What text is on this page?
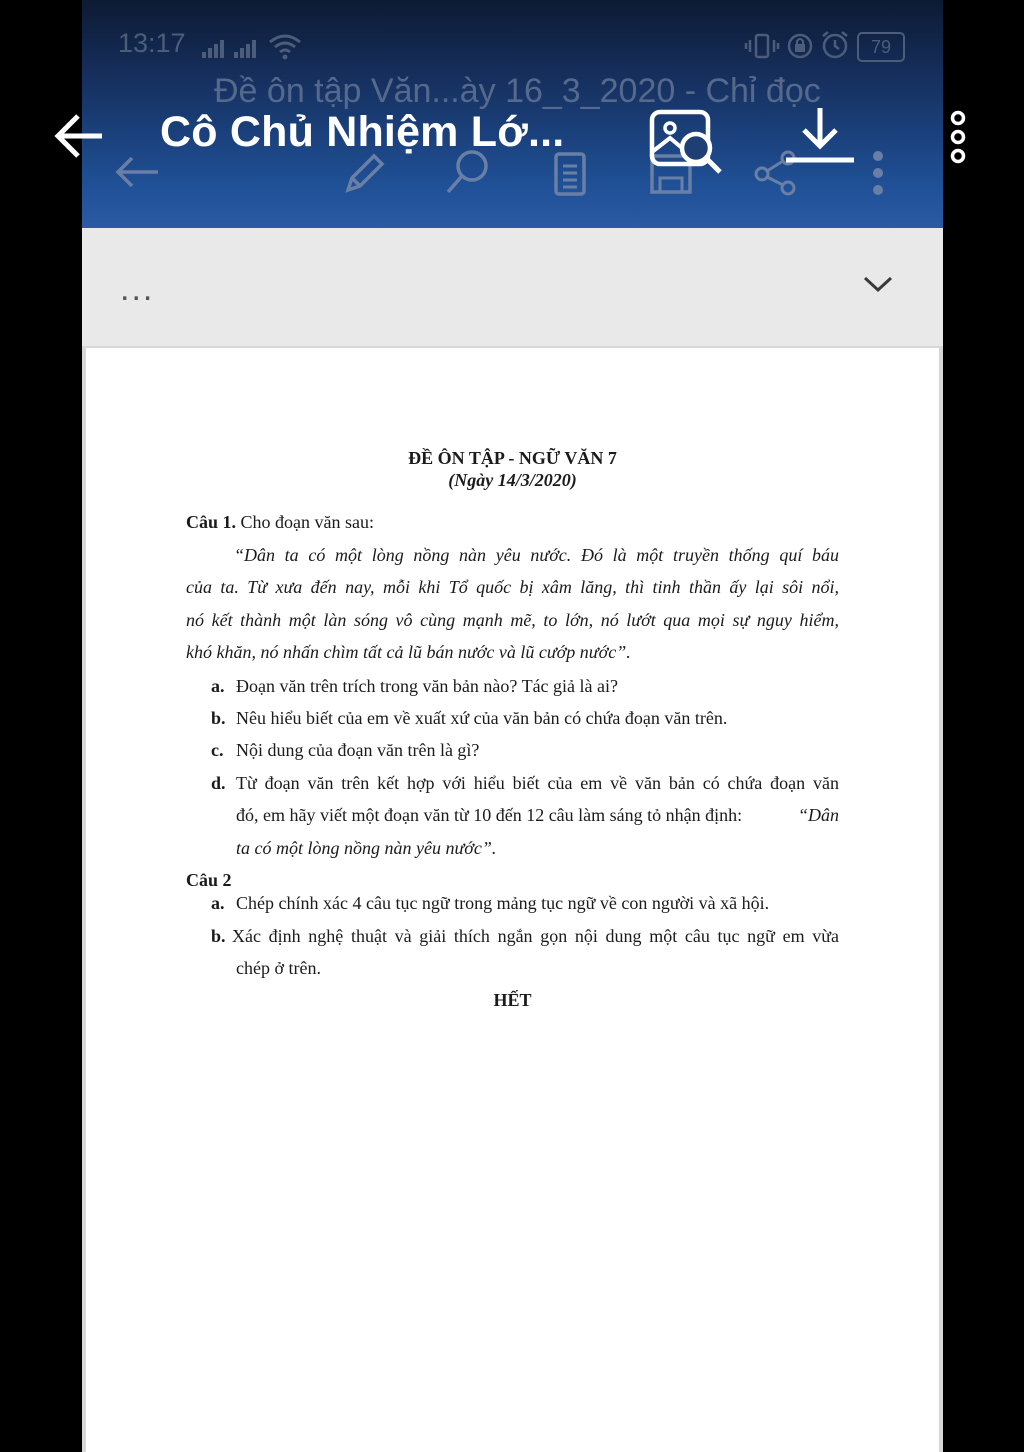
13:17	79
Đề ôn tập Văn...ày 16_3_2020 - Chỉ đọc
Cô Chủ Nhiệm Lớ...
...
ĐỀ ÔN TẬP - NGỮ VĂN 7
(Ngày 14/3/2020)
Câu 1. Cho đoạn văn sau:
“Dân ta có một lòng nồng nàn yêu nước. Đó là một truyền thống quí báu
của ta. Từ xưa đến nay, mỗi khi Tổ quốc bị xâm lăng, thì tinh thần ấy lại sôi nổi,
nó kết thành một làn sóng vô cùng mạnh mẽ, to lớn, nó lướt qua mọi sự nguy hiểm,
khó khăn, nó nhấn chìm tất cả lũ bán nước và lũ cướp nước”.
a. Đoạn văn trên trích trong văn bản nào? Tác giả là ai?
b. Nêu hiểu biết của em về xuất xứ của văn bản có chứa đoạn văn trên.
c. Nội dung của đoạn văn trên là gì?
d. Từ đoạn văn trên kết hợp với hiểu biết của em về văn bản có chứa đoạn văn
đó, em hãy viết một đoạn văn từ 10 đến 12 câu làm sáng tỏ nhận định:	“Dân
ta có một lòng nồng nàn yêu nước”.
Câu 2
a. Chép chính xác 4 câu tục ngữ trong mảng tục ngữ về con người và xã hội.
b. Xác định nghệ thuật và giải thích ngắn gọn nội dung một câu tục ngữ em vừa
chép ở trên.
HẾT
